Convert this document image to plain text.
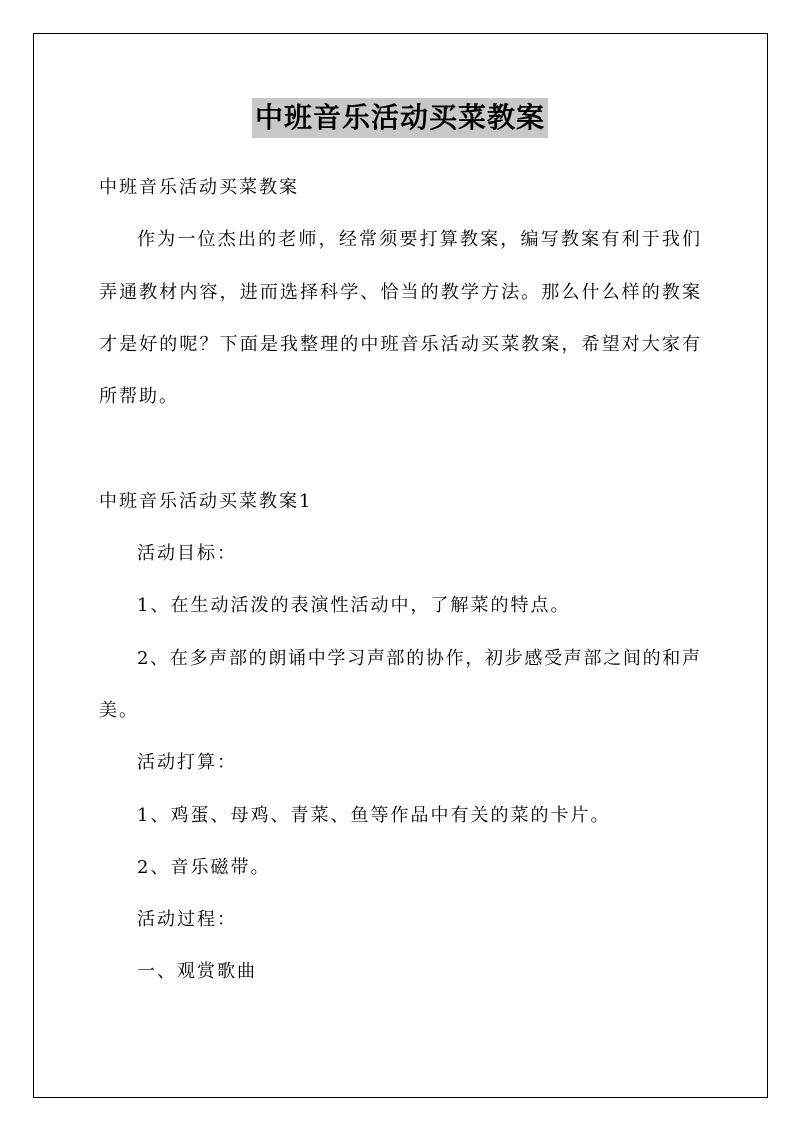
中班音乐活动买菜教案
中班音乐活动买菜教案
作为一位杰出的老师，经常须要打算教案，编写教案有利于我们
弄通教材内容，进而选择科学、恰当的教学方法。那么什么样的教案
才是好的呢？下面是我整理的中班音乐活动买菜教案，希望对大家有
所帮助。
中班音乐活动买菜教案1
活动目标：
1、在生动活泼的表演性活动中，了解菜的特点。
2、在多声部的朗诵中学习声部的协作，初步感受声部之间的和声
美。
活动打算：
1、鸡蛋、母鸡、青菜、鱼等作品中有关的菜的卡片。
2、音乐磁带。
活动过程：
一、观赏歌曲
